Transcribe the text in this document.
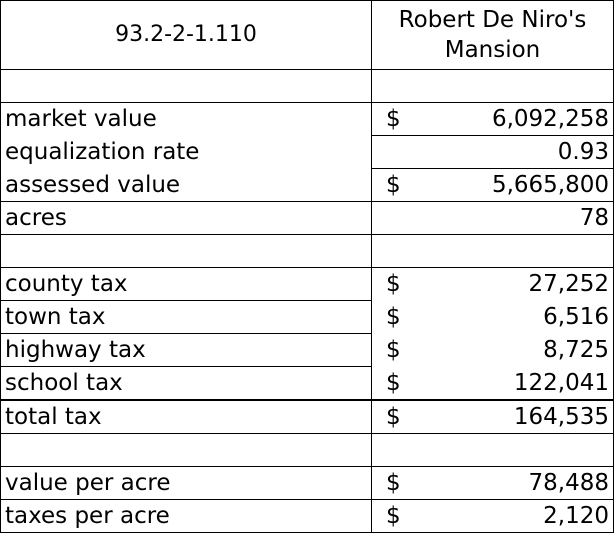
93.2-2-1.110	Robert De Niro's
Mansion

market value	$ 6,092,258

equalization rate	0.93

assessed value	$ 5,665,800

acres	78

county tax	$ 27,252

town tax	$ 6,516

highway tax	$ 8,725

school tax	$ 122,041

total tax	$ 164,535

value per acre	$ 78,488

taxes per acre	$ 2,120
